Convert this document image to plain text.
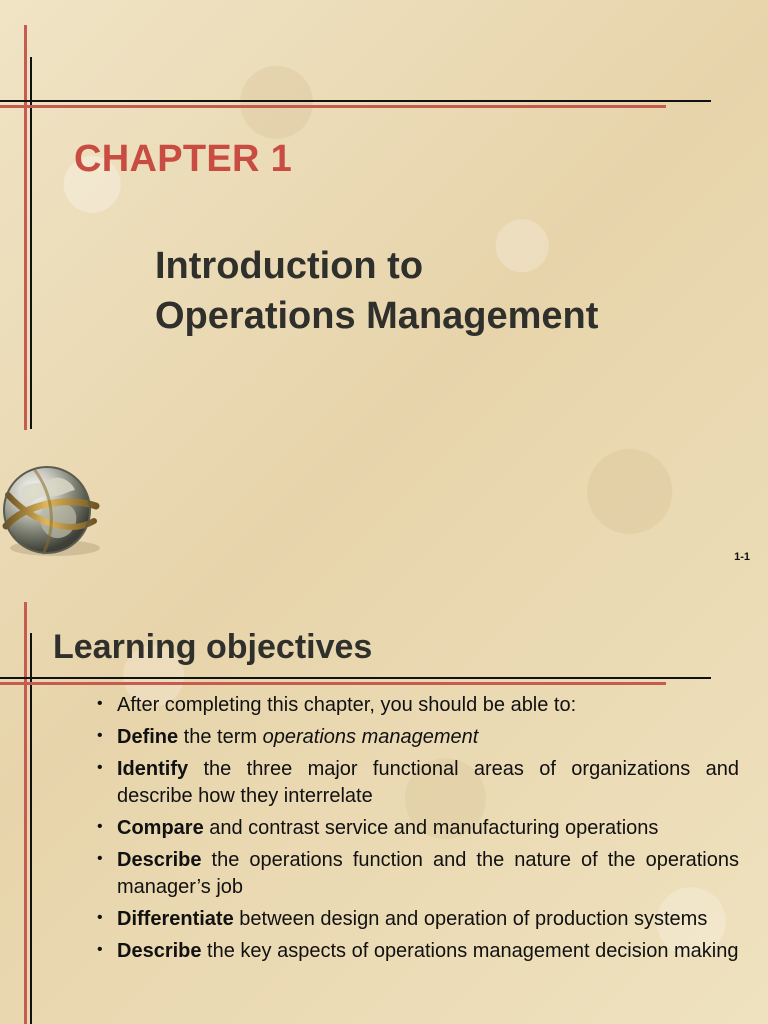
CHAPTER 1
Introduction to
Operations Management
1-1
Learning objectives
• After completing this chapter, you should be able to:
• Define the term operations management
• Identify the three major functional areas of organizations and describe how they interrelate
• Compare and contrast service and manufacturing operations
• Describe the operations function and the nature of the operations manager’s job
• Differentiate between design and operation of production systems
• Describe the key aspects of operations management decision making
